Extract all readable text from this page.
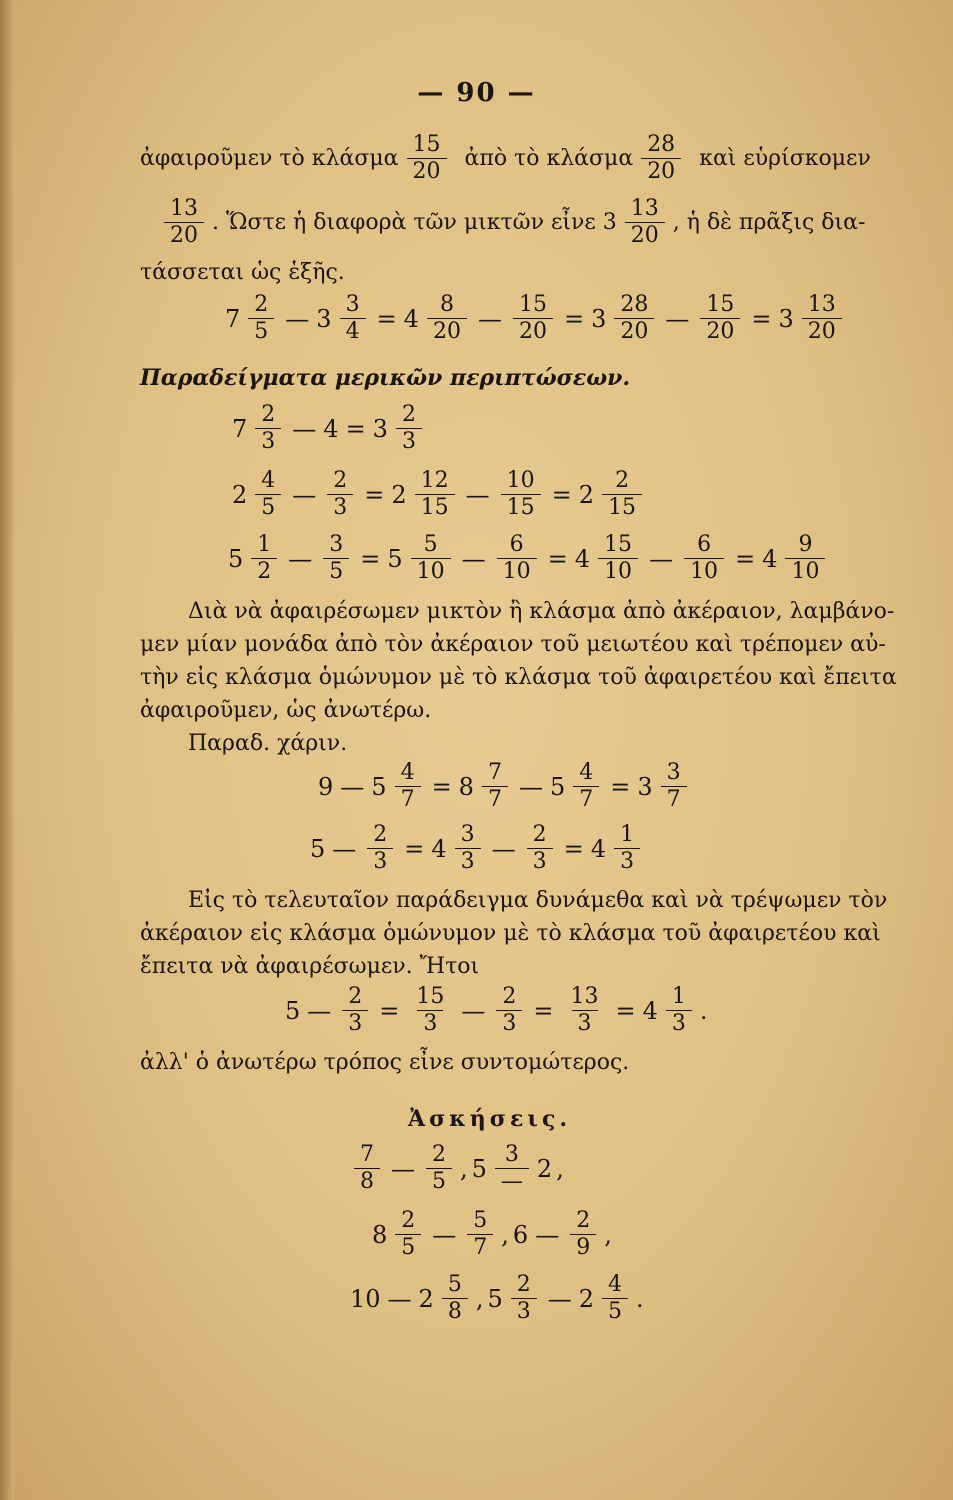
— 90 —
ἀφαιροῦμεν τὸ κλάσμα $\frac{15}{20}$ ἀπὸ τὸ κλάσμα $\frac{28}{20}$ καὶ εὑρίσκομεν
$\frac{13}{20}$ . Ὥστε ἡ διαφορὰ τῶν μικτῶν εἶνε $3 \frac{13}{20}$ , ἡ δὲ πρᾶξις δια-
τάσσεται ὡς ἑξῆς.
$7 \frac{2}{5}$ — $3 \frac{3}{4} = 4 \frac{8}{20}$ — $\frac{15}{20} = 3 \frac{28}{20}$ — $\frac{15}{20} = 3 \frac{13}{20}$
Παραδείγματα μερικῶν περιπτώσεων.
$7 \frac{2}{3}$ — $4 = 3 \frac{2}{3}$
$2 \frac{4}{5}$ — $\frac{2}{3} = 2 \frac{12}{15}$ — $\frac{10}{15} = 2 \frac{2}{15}$
$5 \frac{1}{2}$ — $\frac{3}{5} = 5 \frac{5}{10}$ — $\frac{6}{10} = 4 \frac{15}{10}$ — $\frac{6}{10} = 4 \frac{9}{10}$
Διὰ νὰ ἀφαιρέσωμεν μικτὸν ἢ κλάσμα ἀπὸ ἀκέραιον, λαμβάνο-
μεν μίαν μονάδα ἀπὸ τὸν ἀκέραιον τοῦ μειωτέου καὶ τρέπομεν αὐ-
τὴν εἰς κλάσμα ὁμώνυμον μὲ τὸ κλάσμα τοῦ ἀφαιρετέου καὶ ἔπειτα
ἀφαιροῦμεν, ὡς ἀνωτέρω.
Παραδ. χάριν.
9 — $5 \frac{4}{7} = 8 \frac{7}{7}$ — $5 \frac{4}{7} = 3 \frac{3}{7}$
5 — $\frac{2}{3} = 4 \frac{3}{3}$ — $\frac{2}{3} = 4 \frac{1}{3}$
Εἰς τὸ τελευταῖον παράδειγμα δυνάμεθα καὶ νὰ τρέψωμεν τὸν
ἀκέραιον εἰς κλάσμα ὁμώνυμον μὲ τὸ κλάσμα τοῦ ἀφαιρετέου καὶ
ἔπειτα νὰ ἀφαιρέσωμεν. Ἤτοι
5 — $\frac{2}{3} = \frac{15}{3}$ — $\frac{2}{3} = \frac{13}{3} = 4 \frac{1}{3}$ .
ἀλλ' ὁ ἀνωτέρω τρόπος εἶνε συντομώτερος.
Ἀσκήσεις.
$\frac{7}{8}$ — $\frac{2}{5}$ , $5 \frac{3}{—} 2$ ,
$8 \frac{2}{5}$ — $\frac{5}{7}$ , 6 — $\frac{2}{9}$ ,
10 — $2 \frac{5}{8}$ , $5 \frac{2}{3}$ — $2 \frac{4}{5}$ .
